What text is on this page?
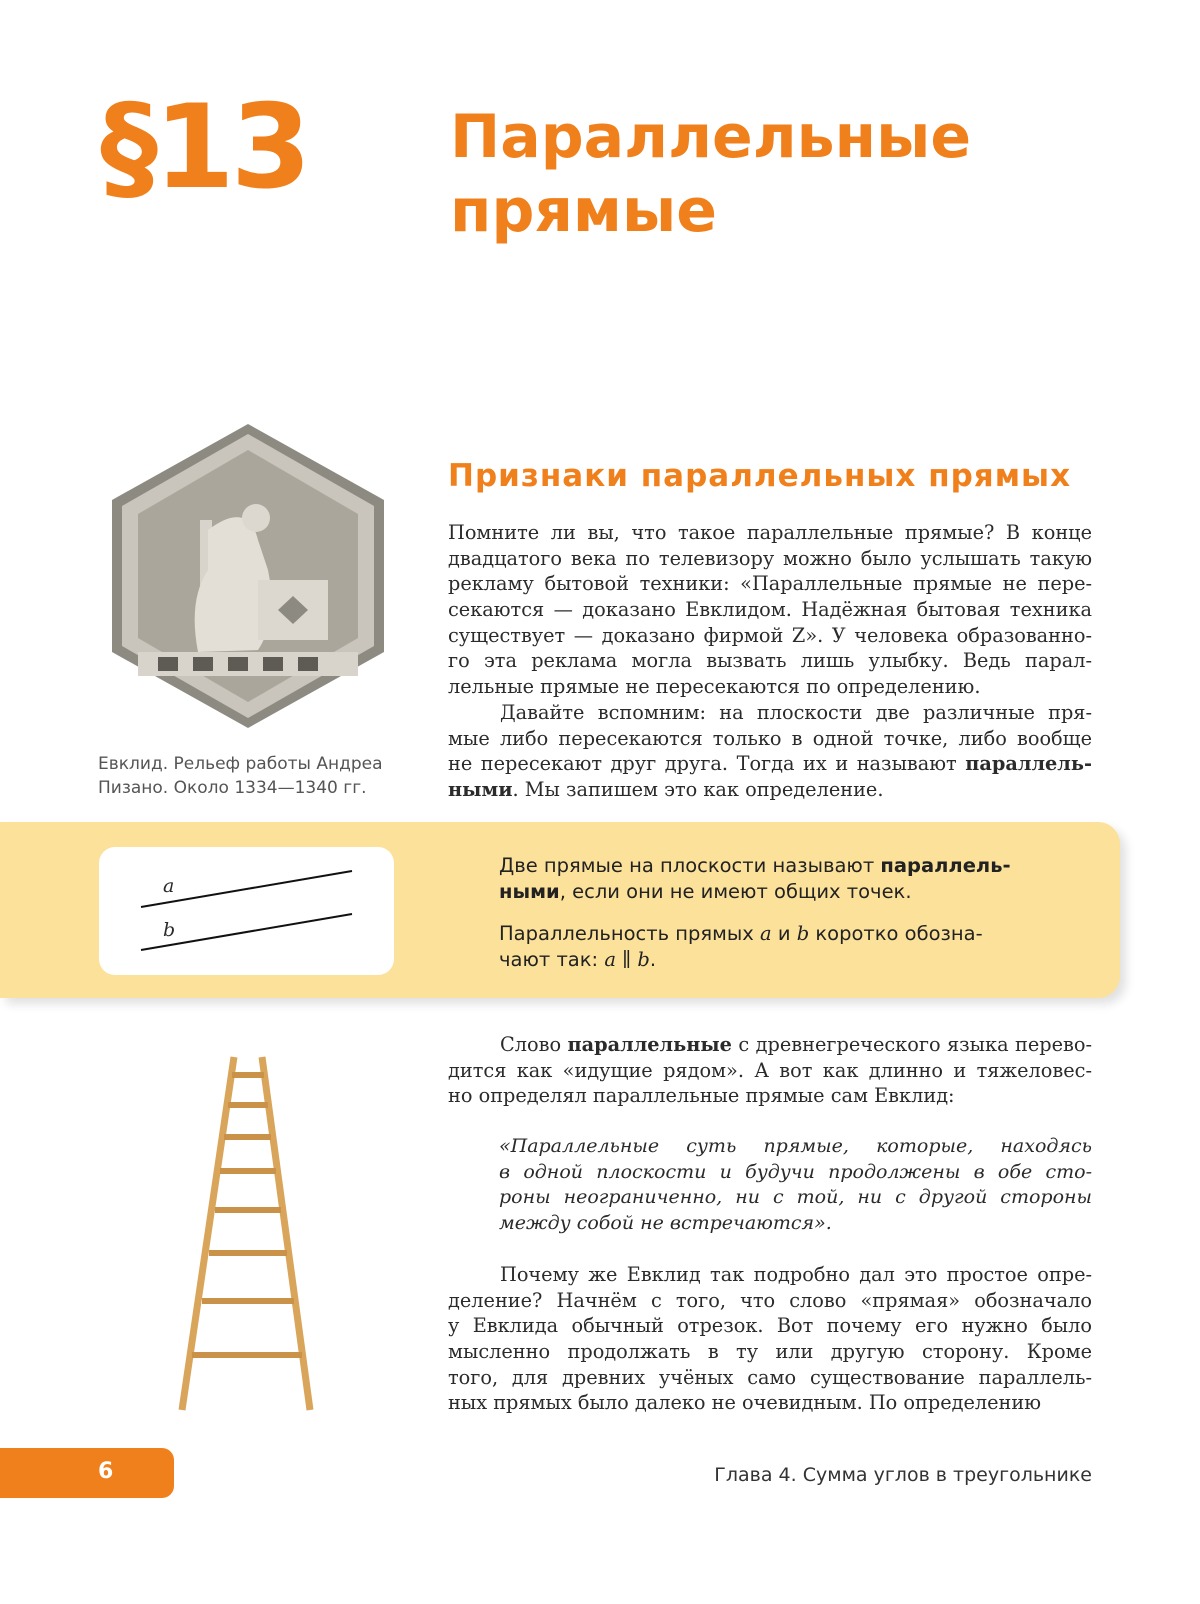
§13 Параллельные
прямые
Евклид. Рельеф работы Андреа
Пизано. Около 1334—1340 гг.
Признаки параллельных прямых
Помните ли вы, что такое параллельные прямые? В конце
двадцатого века по телевизору можно было услышать такую
рекламу бытовой техники: «Параллельные прямые не пере-
секаются — доказано Евклидом. Надёжная бытовая техника
существует — доказано фирмой Z». У человека образованно-
го эта реклама могла вызвать лишь улыбку. Ведь парал-
лельные прямые не пересекаются по определению.
Давайте вспомним: на плоскости две различные пря-
мые либо пересекаются только в одной точке, либо вообще
не пересекают друг друга. Тогда их и называют параллель-
ными. Мы запишем это как определение.
a
b
Две прямые на плоскости называют параллель-
ными, если они не имеют общих точек.
Параллельность прямых a и b коротко обозна-
чают так: a ∥ b.
Слово параллельные с древнегреческого языка перево-
дится как «идущие рядом». А вот как длинно и тяжеловес-
но определял параллельные прямые сам Евклид:
«Параллельные суть прямые, которые, находясь
в одной плоскости и будучи продолжены в обе сто-
роны неограниченно, ни с той, ни с другой стороны
между собой не встречаются».
Почему же Евклид так подробно дал это простое опре-
деление? Начнём с того, что слово «прямая» обозначало
у Евклида обычный отрезок. Вот почему его нужно было
мысленно продолжать в ту или другую сторону. Кроме
того, для древних учёных само существование параллель-
ных прямых было далеко не очевидным. По определению
6	Глава 4. Сумма углов в треугольнике
